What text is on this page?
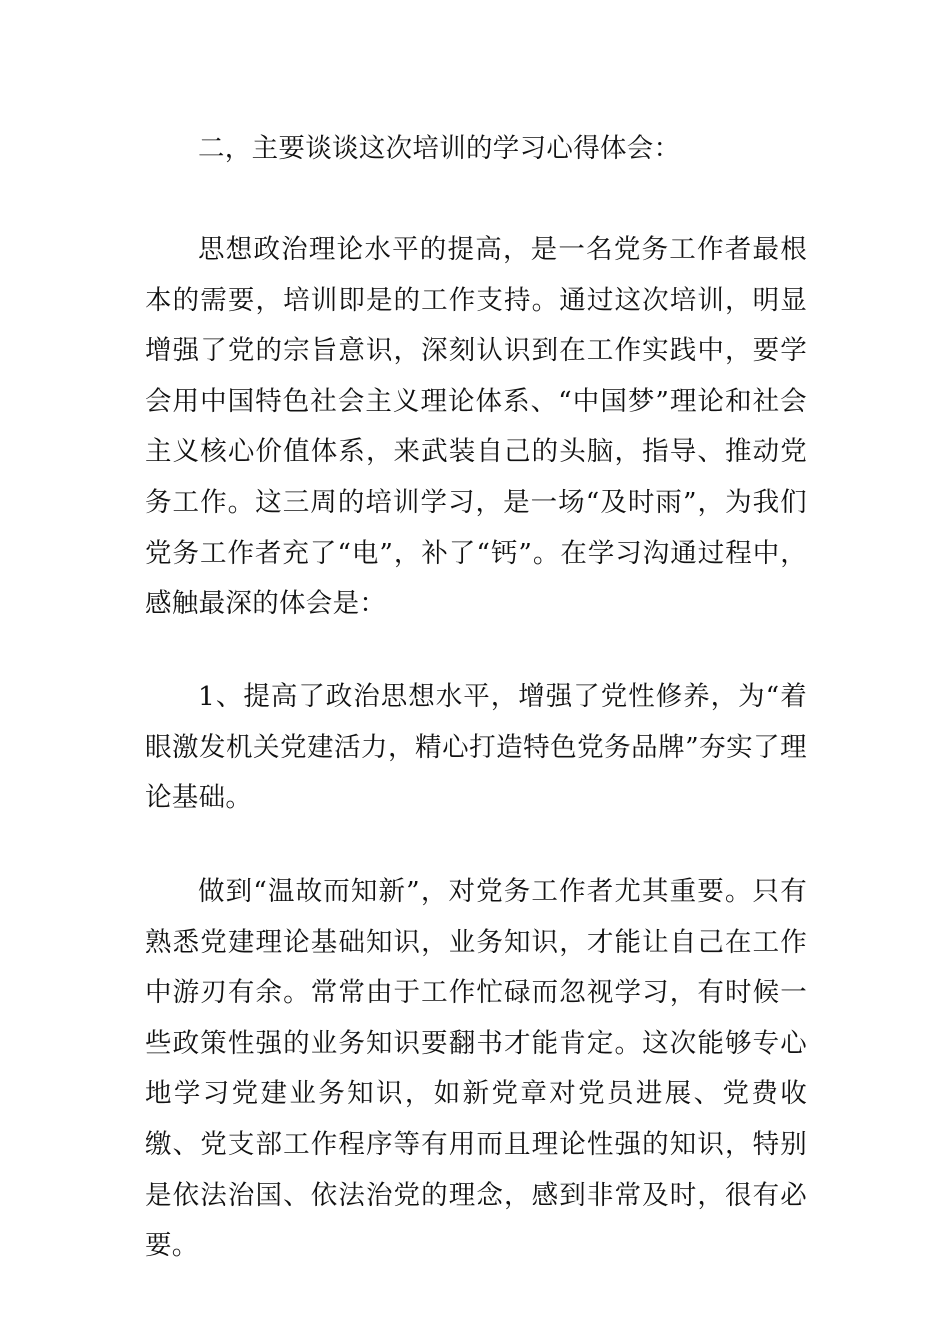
二，主要谈谈这次培训的学习心得体会：

思想政治理论水平的提高，是一名党务工作者最根本的需要，培训即是的工作支持。通过这次培训，明显增强了党的宗旨意识，深刻认识到在工作实践中，要学会用中国特色社会主义理论体系、“中国梦”理论和社会主义核心价值体系，来武装自己的头脑，指导、推动党务工作。这三周的培训学习，是一场“及时雨”，为我们党务工作者充了“电”，补了“钙”。在学习沟通过程中，感触最深的体会是：

1、提高了政治思想水平，增强了党性修养，为“着眼激发机关党建活力，精心打造特色党务品牌”夯实了理论基础。

做到“温故而知新”，对党务工作者尤其重要。只有熟悉党建理论基础知识，业务知识，才能让自己在工作中游刃有余。常常由于工作忙碌而忽视学习，有时候一些政策性强的业务知识要翻书才能肯定。这次能够专心地学习党建业务知识，如新党章对党员进展、党费收缴、党支部工作程序等有用而且理论性强的知识，特别是依法治国、依法治党的理念，感到非常及时，很有必要。
